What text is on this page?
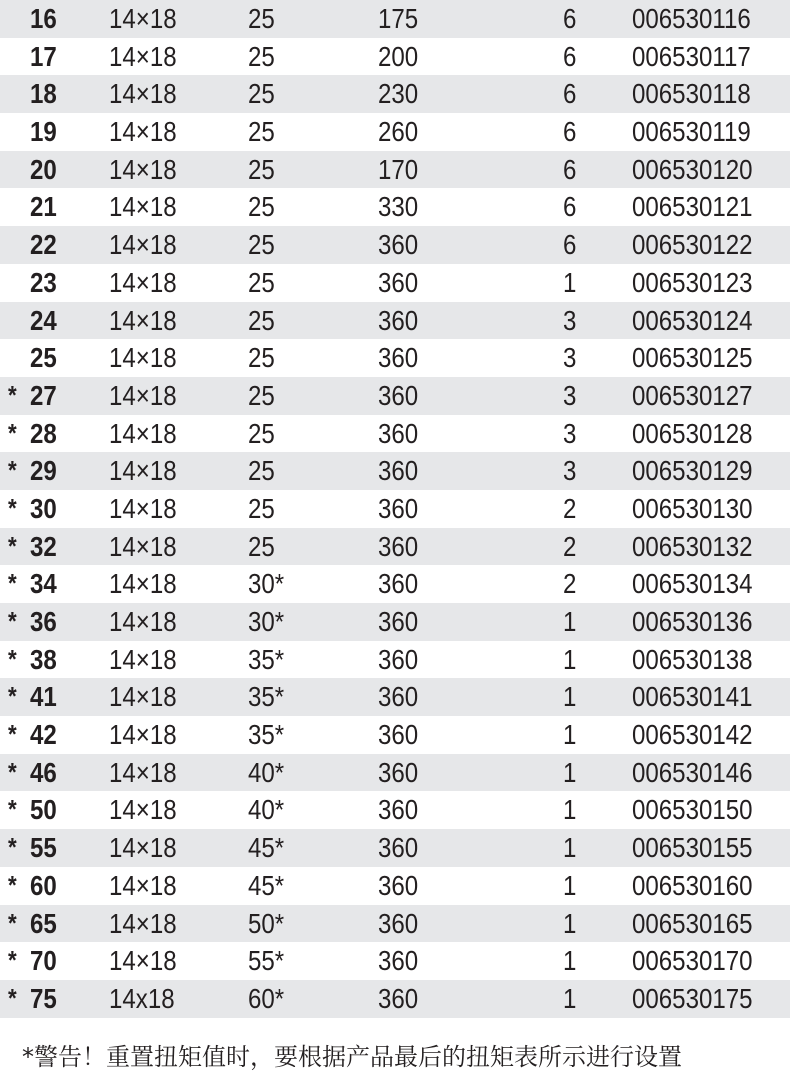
16	14×18	25	175	6 006530116
17	14×18	25	200	6 006530117
18	14×18	25	230	6 006530118
19	14×18	25	260	6 006530119
20	14×18	25	170	6 006530120
21	14×18	25	330	6 006530121
22	14×18	25	360	6 006530122
23	14×18	25	360	1 006530123
24	14×18	25	360	3 006530124
25	14×18	25	360	3 006530125
* 27	14×18	25	360	3 006530127
* 28	14×18	25	360	3 006530128
* 29	14×18	25	360	3 006530129
* 30	14×18	25	360	2 006530130
* 32	14×18	25	360	2 006530132
* 34	14×18	30*	360	2 006530134
* 36	14×18	30*	360	1 006530136
* 38	14×18	35*	360	1 006530138
* 41	14×18	35*	360	1 006530141
* 42	14×18	35*	360	1 006530142
* 46	14×18	40*	360	1 006530146
* 50	14×18	40*	360	1 006530150
* 55	14×18	45*	360	1 006530155
* 60	14×18	45*	360	1 006530160
* 65	14×18	50*	360	1 006530165
* 70	14×18	55*	360	1 006530170
* 75	14x18	60*	360	1 006530175
*警告！重置扭矩值时，要根据产品最后的扭矩表所示进行设置
